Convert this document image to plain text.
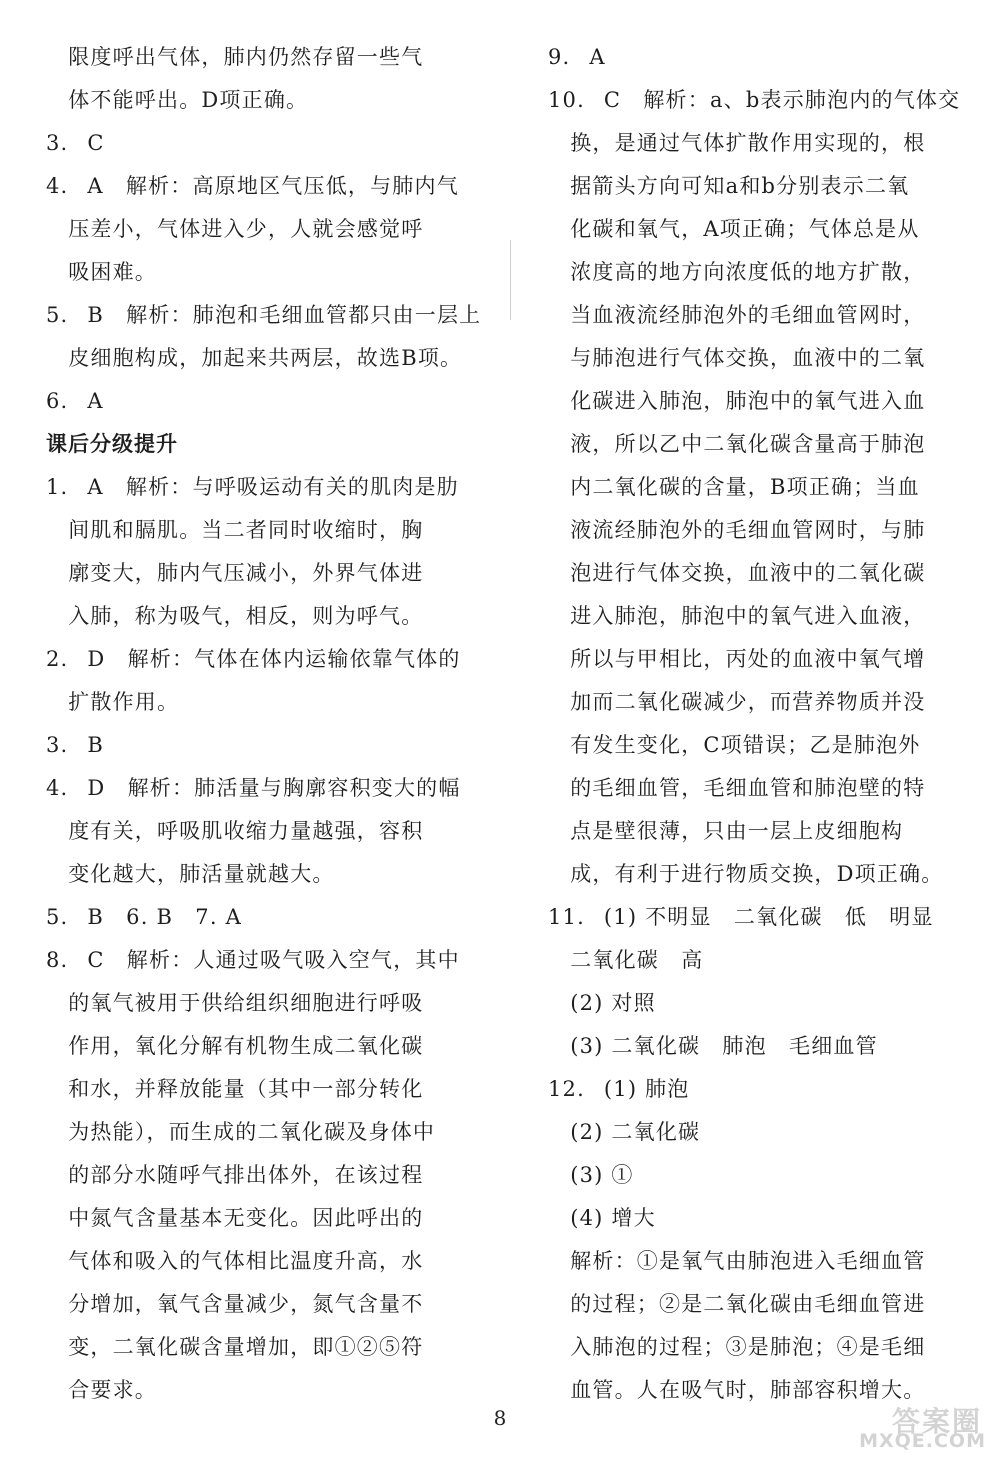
　限度呼出气体，肺内仍然存留一些气
　体不能呼出。D项正确。
3. C
4. A　解析：高原地区气压低，与肺内气
　压差小，气体进入少，人就会感觉呼
　吸困难。
5. B　解析：肺泡和毛细血管都只由一层上
　皮细胞构成，加起来共两层，故选B项。
6. A
课后分级提升
1. A　解析：与呼吸运动有关的肌肉是肋
　间肌和膈肌。当二者同时收缩时，胸
　廓变大，肺内气压减小，外界气体进
　入肺，称为吸气，相反，则为呼气。
2. D　解析：气体在体内运输依靠气体的
　扩散作用。
3. B
4. D　解析：肺活量与胸廓容积变大的幅
　度有关，呼吸肌收缩力量越强，容积
　变化越大，肺活量就越大。
5. B　6. B　7. A
8. C　解析：人通过吸气吸入空气，其中
　的氧气被用于供给组织细胞进行呼吸
　作用，氧化分解有机物生成二氧化碳
　和水，并释放能量（其中一部分转化
　为热能），而生成的二氧化碳及身体中
　的部分水随呼气排出体外，在该过程
　中氮气含量基本无变化。因此呼出的
　气体和吸入的气体相比温度升高，水
　分增加，氧气含量减少，氮气含量不
　变，二氧化碳含量增加，即①②⑤符
　合要求。
9. A
10. C　解析：a、b表示肺泡内的气体交
　换，是通过气体扩散作用实现的，根
　据箭头方向可知a和b分别表示二氧
　化碳和氧气，A项正确；气体总是从
　浓度高的地方向浓度低的地方扩散，
　当血液流经肺泡外的毛细血管网时，
　与肺泡进行气体交换，血液中的二氧
　化碳进入肺泡，肺泡中的氧气进入血
　液，所以乙中二氧化碳含量高于肺泡
　内二氧化碳的含量，B项正确；当血
　液流经肺泡外的毛细血管网时，与肺
　泡进行气体交换，血液中的二氧化碳
　进入肺泡，肺泡中的氧气进入血液，
　所以与甲相比，丙处的血液中氧气增
　加而二氧化碳减少，而营养物质并没
　有发生变化，C项错误；乙是肺泡外
　的毛细血管，毛细血管和肺泡壁的特
　点是壁很薄，只由一层上皮细胞构
　成，有利于进行物质交换，D项正确。
11. (1) 不明显　二氧化碳　低　明显
　二氧化碳　高
　(2) 对照
　(3) 二氧化碳　肺泡　毛细血管
12. (1) 肺泡
　(2) 二氧化碳
　(3) ①
　(4) 增大
　解析：①是氧气由肺泡进入毛细血管
　的过程；②是二氧化碳由毛细血管进
　入肺泡的过程；③是肺泡；④是毛细
　血管。人在吸气时，肺部容积增大。
8	答案圈
MXQE.COM
